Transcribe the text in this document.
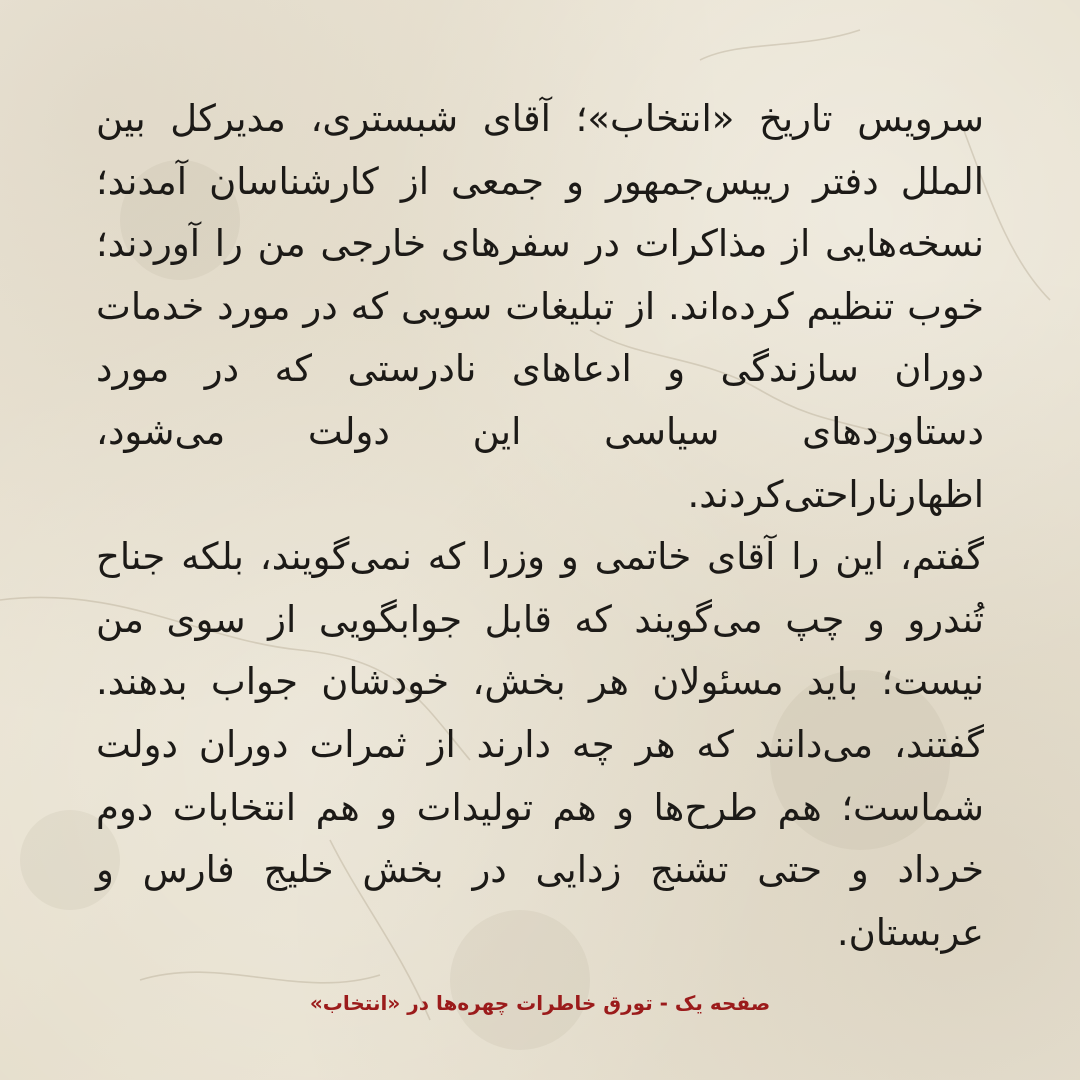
سرویس تاریخ «انتخاب»؛ آقای شبستری، مدیرکل بین الملل دفتر رییس‌جمهور و جمعی از کارشناسان آمدند؛ نسخه‌هایی از مذاکرات در سفرهای خارجی من را آوردند؛ خوب تنظیم کرده‌اند. از تبلیغات سویی که در مورد خدمات دوران سازندگی و ادعاهای نادرستی که در مورد دستاوردهای سیاسی این دولت می‌شود، اظهارناراحتی‌کردند.

گفتم، این را آقای خاتمی و وزرا که نمی‌گویند، بلکه جناح تُندرو و چپ می‌گویند که قابل جوابگویی از سوی من نیست؛ باید مسئولان هر بخش، خودشان جواب بدهند. گفتند، می‌دانند که هر چه دارند از ثمرات دوران دولت شماست؛ هم طرح‌ها و هم تولیدات و هم انتخابات دوم خرداد و حتی تشنج زدایی در بخش خلیج فارس و عربستان.

صفحه یک - تورق خاطرات چهره‌ها در «انتخاب»
